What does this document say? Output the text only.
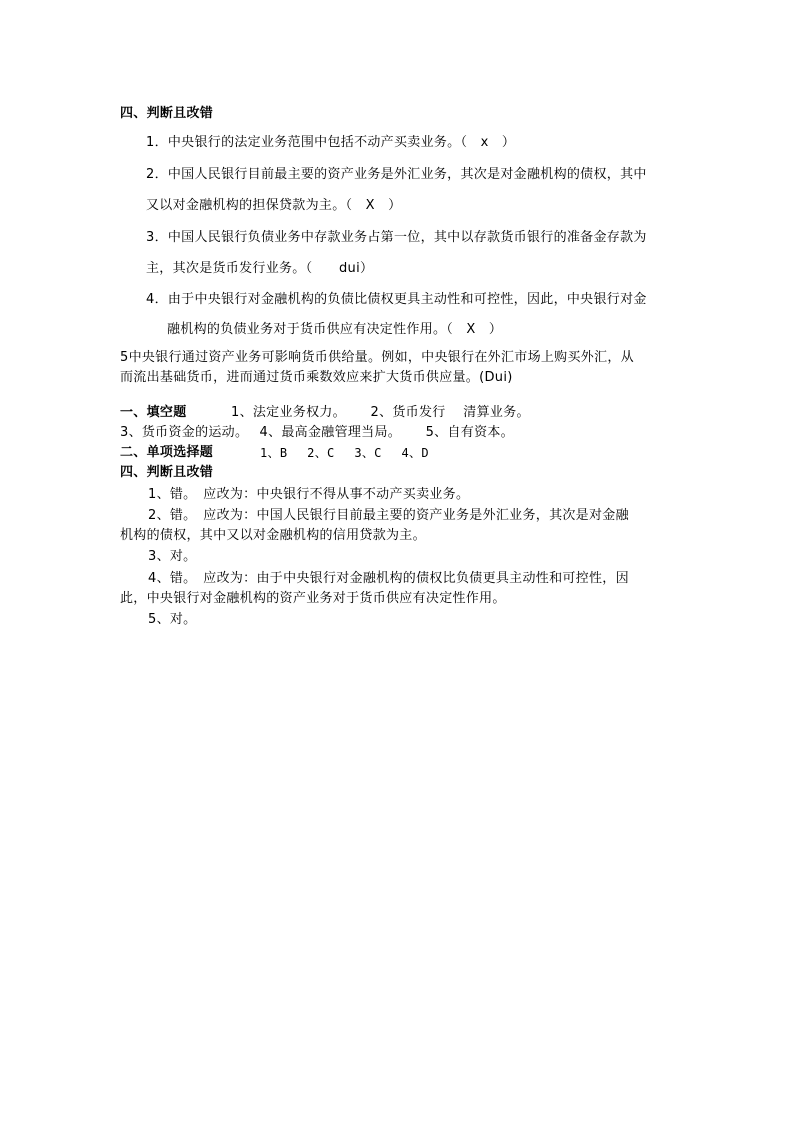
四、判断且改错
1．中央银行的法定业务范围中包括不动产买卖业务。（　x　）
2．中国人民银行目前最主要的资产业务是外汇业务，其次是对金融机构的债权，其中
又以对金融机构的担保贷款为主。（　X　）
3．中国人民银行负债业务中存款业务占第一位，其中以存款货币银行的准备金存款为
主，其次是货币发行业务。（　　dui）
4．由于中央银行对金融机构的负债比债权更具主动性和可控性，因此，中央银行对金
融机构的负债业务对于货币供应有决定性作用。（　X　）
5中央银行通过资产业务可影响货币供给量。例如，中央银行在外汇市场上购买外汇，从
而流出基础货币，进而通过货币乘数效应来扩大货币供应量。(Dui)
一、填空题	1、法定业务权力。　　 2、货币发行　 清算业务。
3、货币资金的运动。　 4、最高金融管理当局。　　 5、自有资本。
二、单项选择题	1、B　 2、C　 3、C　 4、D
四、判断且改错
1、错。　应改为：中央银行不得从事不动产买卖业务。
2、错。　应改为：中国人民银行目前最主要的资产业务是外汇业务，其次是对金融
机构的债权，其中又以对金融机构的信用贷款为主。
3、对。
4、错。　应改为：由于中央银行对金融机构的债权比负债更具主动性和可控性，因
此，中央银行对金融机构的资产业务对于货币供应有决定性作用。
5、对。
